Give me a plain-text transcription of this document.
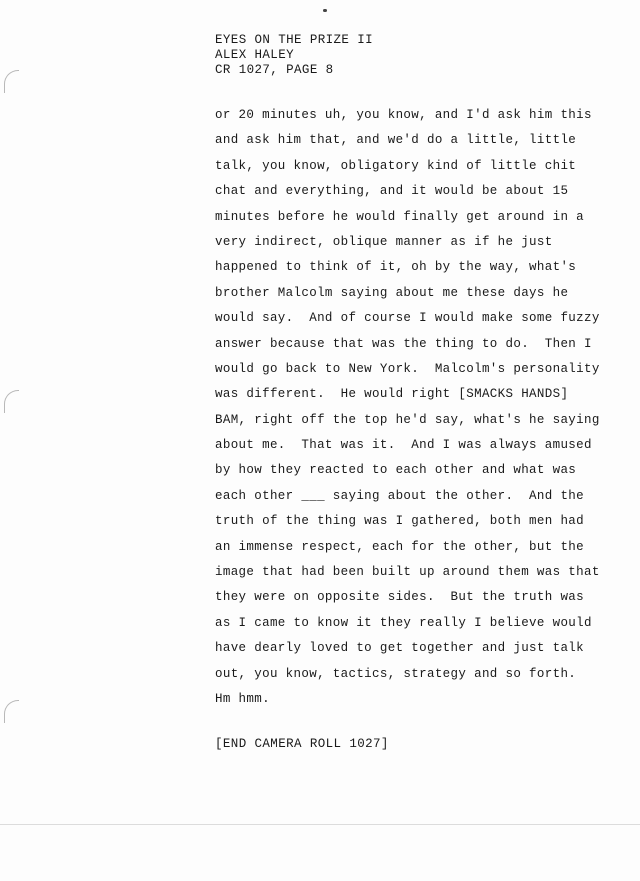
EYES ON THE PRIZE II
ALEX HALEY
CR 1027, PAGE 8
or 20 minutes uh, you know, and I'd ask him this
and ask him that, and we'd do a little, little
talk, you know, obligatory kind of little chit
chat and everything, and it would be about 15
minutes before he would finally get around in a
very indirect, oblique manner as if he just
happened to think of it, oh by the way, what's
brother Malcolm saying about me these days he
would say.  And of course I would make some fuzzy
answer because that was the thing to do.  Then I
would go back to New York.  Malcolm's personality
was different.  He would right [SMACKS HANDS]
BAM, right off the top he'd say, what's he saying
about me.  That was it.  And I was always amused
by how they reacted to each other and what was
each other ___ saying about the other.  And the
truth of the thing was I gathered, both men had
an immense respect, each for the other, but the
image that had been built up around them was that
they were on opposite sides.  But the truth was
as I came to know it they really I believe would
have dearly loved to get together and just talk
out, you know, tactics, strategy and so forth.
Hm hmm.
[END CAMERA ROLL 1027]
